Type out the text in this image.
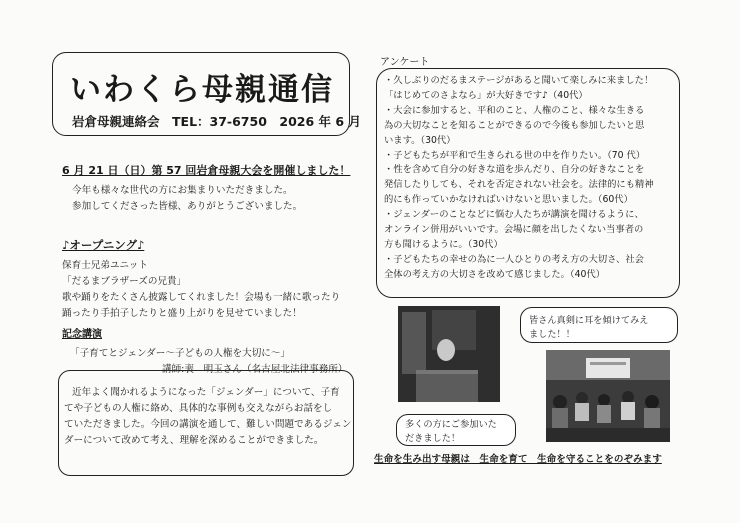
いわくら母親通信
岩倉母親連絡会　TEL：37-6750　2026 年 6 月
6 月 21 日（日）第 57 回岩倉母親大会を開催しました！
今年も様々な世代の方にお集まりいただきました。
参加してくださった皆様、ありがとうございました。
♪オープニング♪
保育士兄弟ユニット
「だるまブラザーズの兄貴」
歌や踊りをたくさん披露してくれました！会場も一緒に歌ったり
踊ったり手拍子したりと盛り上がりを見せていました！
記念講演
「子育てとジェンダー～子どもの人権を大切に～」
講師:裵　明玉さん（名古屋北法律事務所）
近年よく聞かれるようになった「ジェンダー」について、子育
てや子どもの人権に絡め、具体的な事例も交えながらお話をし
ていただきました。今回の講演を通して、難しい問題であるジェン
ダーについて改めて考え、理解を深めることができました。
アンケート
・久しぶりのだるまステージがあると聞いて楽しみに来ました！
「はじめてのさよなら」が大好きです♪（40代）
・大会に参加すると、平和のこと、人権のこと、様々な生きる
為の大切なことを知ることができるので今後も参加したいと思
います。（30代）
・子どもたちが平和で生きられる世の中を作りたい。（70 代）
・性を含めて自分の好きな道を歩んだり、自分の好きなことを
発信したりしても、それを否定されない社会を。法律的にも精神
的にも作っていかなければいけないと思いました。（60代）
・ジェンダーのことなどに悩む人たちが講演を聞けるように、
オンライン併用がいいです。会場に顔を出したくない当事者の
方も聞けるように。（30代）
・子どもたちの幸せの為に一人ひとりの考え方の大切さ、社会
全体の考え方の大切さを改めて感じました。（40代）
皆さん真剣に耳を傾けてみえ
ました！！
多くの方にご参加いた
だきました！
生命を生み出す母親は　生命を育て　生命を守ることをのぞみます
